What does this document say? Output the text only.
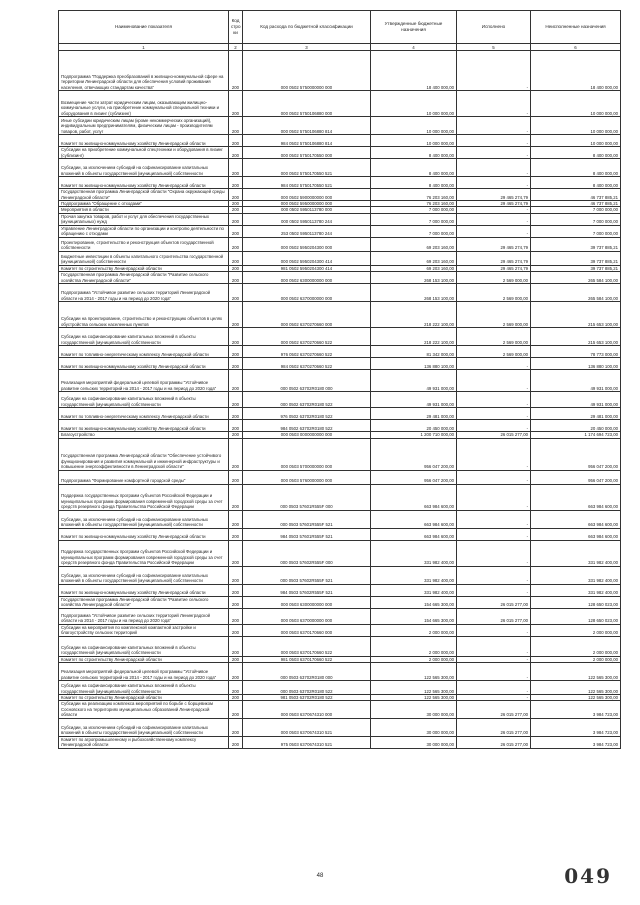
Наименование показателя	Код стро ки	Код расхода по бюджетной классификации	Утвержденные бюджетные назначения	Исполнено	Неисполненные назначения
1	2	3	4	5	6
Подпрограмма "Поддержка преобразований в жилищно-коммунальной сфере на территории Ленинградской области для обеспечения условий проживания населения, отвечающих стандартам качества"	200	000 0502 5750000000 000	18 400 000,00	-	18 400 000,00
Возмещение части затрат юридическим лицам, оказывающим жилищно-коммунальные услуги, на приобретение коммунальной специальной техники и оборудования в лизинг (сублизинг)	200	000 0502 5750106880 000	10 000 000,00	-	10 000 000,00
Иные субсидии юридическим лицам (кроме некоммерческих организаций), индивидуальным предпринимателям, физическим лицам - производителям товаров, работ, услуг	200	000 0502 5750106880 814	10 000 000,00	-	10 000 000,00
Комитет по жилищно-коммунальному хозяйству Ленинградской области	200	984 0502 5750106880 814	10 000 000,00	-	10 000 000,00
Субсидии на приобретение коммунальной спецтехники и оборудования в лизинг (сублизинг)	200	000 0502 5750170550 000	8 400 000,00	-	8 400 000,00
Субсидии, за исключением субсидий на софинансирование капитальных вложений в объекты государственной (муниципальной) собственности	200	000 0502 5750170550 521	8 400 000,00	-	8 400 000,00
Комитет по жилищно-коммунальному хозяйству Ленинградской области	200	984 0502 5750170550 521	8 400 000,00	-	8 400 000,00
Государственная программа Ленинградской области "Охрана окружающей среды Ленинградской области"	200	000 0502 5900000000 000	76 203 160,00	29 465 274,79	46 737 885,21
Подпрограмма "Обращение с отходами"	200	000 0502 5950000000 000	76 203 160,00	29 465 274,79	46 737 885,21
Мероприятия в области	200	000 0502 5950113780 000	7 000 000,00	-	7 000 000,00
Прочая закупка товаров, работ и услуг для обеспечения государственных (муниципальных) нужд	200	000 0502 5950113780 244	7 000 000,00	-	7 000 000,00
Управление Ленинградской области по организации и контролю деятельности по обращению с отходами	200	253 0502 5950113780 244	7 000 000,00	-	7 000 000,00
Проектирование, строительство и реконструкция объектов государственной собственности	200	000 0502 5950204300 000	69 203 160,00	29 465 274,79	39 737 885,21
Бюджетные инвестиции в объекты капитального строительства государственной (муниципальной) собственности	200	000 0502 5950204300 414	69 203 160,00	29 465 274,79	39 737 885,21
Комитет по строительству Ленинградской области	200	981 0502 5950204300 414	69 203 160,00	29 465 274,79	39 737 885,21
Государственная программа Ленинградской области "Развитие сельского хозяйства Ленинградской области"	200	000 0502 6300000000 000	268 153 100,00	2 569 000,00	265 584 100,00
Подпрограмма "Устойчивое развитие сельских территорий Ленинградской области на 2014 - 2017 годы и на период до 2020 года"	200	000 0502 6370000000 000	268 153 100,00	2 569 000,00	265 584 100,00
Субсидии на проектирование, строительство и реконструкцию объектов в целях обустройства сельских населенных пунктов	200	000 0502 6370270660 000	218 222 100,00	2 569 000,00	215 653 100,00
Субсидии на софинансирование капитальных вложений в объекты государственной (муниципальной) собственности	200	000 0502 6370270660 522	218 222 100,00	2 569 000,00	215 653 100,00
Комитет по топливно-энергетическому комплексу Ленинградской области	200	976 0502 6370270660 522	81 342 000,00	2 569 000,00	78 773 000,00
Комитет по жилищно-коммунальному хозяйству Ленинградской области	200	984 0502 6370270660 522	136 880 100,00	-	136 880 100,00
Реализация мероприятий федеральной целевой программы "Устойчивое развитие сельских территорий на 2014 - 2017 годы и на период до 2020 года"	200	000 0502 63702R0180 000	49 931 000,00	-	49 931 000,00
Субсидии на софинансирование капитальных вложений в объекты государственной (муниципальной) собственности	200	000 0502 63702R0180 522	49 931 000,00	-	49 931 000,00
Комитет по топливно-энергетическому комплексу Ленинградской области	200	976 0502 63702R0180 522	29 481 000,00	-	29 481 000,00
Комитет по жилищно-коммунальному хозяйству Ленинградской области	200	984 0502 63702R0180 522	20 450 000,00	-	20 450 000,00
Благоустройство	200	000 0503 0000000000 000	1 200 710 000,00	26 015 277,00	1 174 694 723,00
Государственная программа Ленинградской области "Обеспечение устойчивого функционирования и развития коммунальной и инженерной инфраструктуры и повышение энергоэффективности в Ленинградской области"	200	000 0503 5700000000 000	956 047 200,00	-	956 047 200,00
Подпрограмма "Формирование комфортной городской среды"	200	000 0503 5760000000 000	956 047 200,00	-	956 047 200,00
Поддержка государственных программ субъектов Российской Федерации и муниципальных программ формирования современной городской среды за счет средств резервного фонда Правительства Российской Федерации	200	000 0503 57601R555F 000	663 984 600,00	-	663 984 600,00
Субсидии, за исключением субсидий на софинансирование капитальных вложений в объекты государственной (муниципальной) собственности	200	000 0503 57601R555F 521	663 984 600,00	-	663 984 600,00
Комитет по жилищно-коммунальному хозяйству Ленинградской области	200	984 0503 57601R555F 521	663 984 600,00	-	663 984 600,00
Поддержка государственных программ субъектов Российской Федерации и муниципальных программ формирования современной городской среды за счет средств резервного фонда Правительства Российской Федерации	200	000 0503 57602R555F 000	331 982 400,00	-	331 982 400,00
Субсидии, за исключением субсидий на софинансирование капитальных вложений в объекты государственной (муниципальной) собственности	200	000 0503 57602R555F 521	331 982 400,00	-	331 982 400,00
Комитет по жилищно-коммунальному хозяйству Ленинградской области	200	984 0503 57602R555F 521	331 982 400,00	-	331 982 400,00
Государственная программа Ленинградской области "Развитие сельского хозяйства Ленинградской области"	200	000 0503 6300000000 000	154 665 300,00	26 015 277,00	128 650 023,00
Подпрограмма "Устойчивое развитие сельских территорий Ленинградской области на 2014 - 2017 годы и на период до 2020 года"	200	000 0503 6370000000 000	154 665 300,00	26 015 277,00	128 650 023,00
Субсидии на мероприятия по комплексной компактной застройке и благоустройству сельских территорий	200	000 0503 6370170660 000	2 000 000,00	-	2 000 000,00
Субсидии на софинансирование капитальных вложений в объекты государственной (муниципальной) собственности	200	000 0503 6370170660 522	2 000 000,00	-	2 000 000,00
Комитет по строительству Ленинградской области	200	981 0503 6370170660 522	2 000 000,00	-	2 000 000,00
Реализация мероприятий федеральной целевой программы "Устойчивое развитие сельских территорий на 2014 - 2017 годы и на период до 2020 года"	200	000 0503 63702R0180 000	122 565 300,00	-	122 565 300,00
Субсидии на софинансирование капитальных вложений в объекты государственной (муниципальной) собственности	200	000 0503 63702R0180 522	122 565 300,00	-	122 565 300,00
Комитет по строительству Ленинградской области	200	981 0503 63702R0180 522	122 565 300,00	-	122 565 300,00
Субсидии на реализацию комплекса мероприятий по борьбе с борщевиком Сосновского на территориях муниципальных образований Ленинградской области	200	000 0503 6370674310 000	30 000 000,00	26 015 277,00	3 984 723,00
Субсидии, за исключением субсидий на софинансирование капитальных вложений в объекты государственной (муниципальной) собственности	200	000 0503 6370674310 521	30 000 000,00	26 015 277,00	3 984 723,00
Комитет по агропромышленному и рыбохозяйственному комплексу Ленинградской области	200	975 0503 6370674310 521	30 000 000,00	26 015 277,00	3 984 723,00
48	049
